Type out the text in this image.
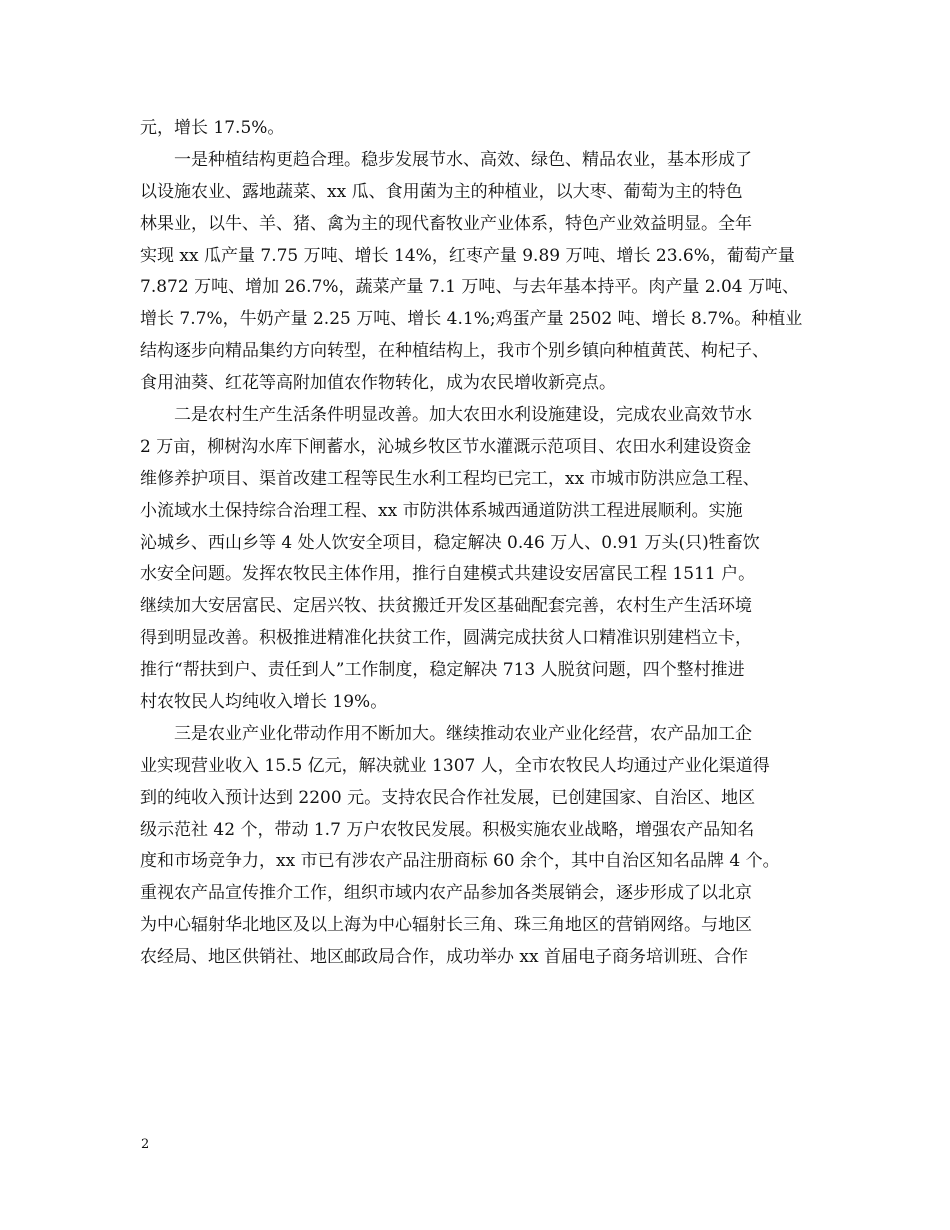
元，增长 17.5%。
一是种植结构更趋合理。稳步发展节水、高效、绿色、精品农业，基本形成了
以设施农业、露地蔬菜、xx 瓜、食用菌为主的种植业，以大枣、葡萄为主的特色
林果业，以牛、羊、猪、禽为主的现代畜牧业产业体系，特色产业效益明显。全年
实现 xx 瓜产量 7.75 万吨、增长 14%，红枣产量 9.89 万吨、增长 23.6%，葡萄产量
7.872 万吨、增加 26.7%，蔬菜产量 7.1 万吨、与去年基本持平。肉产量 2.04 万吨、
增长 7.7%，牛奶产量 2.25 万吨、增长 4.1%;鸡蛋产量 2502 吨、增长 8.7%。种植业
结构逐步向精品集约方向转型，在种植结构上，我市个别乡镇向种植黄芪、枸杞子、
食用油葵、红花等高附加值农作物转化，成为农民增收新亮点。
二是农村生产生活条件明显改善。加大农田水利设施建设，完成农业高效节水
2 万亩，柳树沟水库下闸蓄水，沁城乡牧区节水灌溉示范项目、农田水利建设资金
维修养护项目、渠首改建工程等民生水利工程均已完工，xx 市城市防洪应急工程、
小流域水土保持综合治理工程、xx 市防洪体系城西通道防洪工程进展顺利。实施
沁城乡、西山乡等 4 处人饮安全项目，稳定解决 0.46 万人、0.91 万头(只)牲畜饮
水安全问题。发挥农牧民主体作用，推行自建模式共建设安居富民工程 1511 户。
继续加大安居富民、定居兴牧、扶贫搬迁开发区基础配套完善，农村生产生活环境
得到明显改善。积极推进精准化扶贫工作，圆满完成扶贫人口精准识别建档立卡，
推行“帮扶到户、责任到人”工作制度，稳定解决 713 人脱贫问题，四个整村推进
村农牧民人均纯收入增长 19%。
三是农业产业化带动作用不断加大。继续推动农业产业化经营，农产品加工企
业实现营业收入 15.5 亿元，解决就业 1307 人，全市农牧民人均通过产业化渠道得
到的纯收入预计达到 2200 元。支持农民合作社发展，已创建国家、自治区、地区
级示范社 42 个，带动 1.7 万户农牧民发展。积极实施农业战略，增强农产品知名
度和市场竞争力，xx 市已有涉农产品注册商标 60 余个，其中自治区知名品牌 4 个。
重视农产品宣传推介工作，组织市域内农产品参加各类展销会，逐步形成了以北京
为中心辐射华北地区及以上海为中心辐射长三角、珠三角地区的营销网络。与地区
农经局、地区供销社、地区邮政局合作，成功举办 xx 首届电子商务培训班、合作
2
